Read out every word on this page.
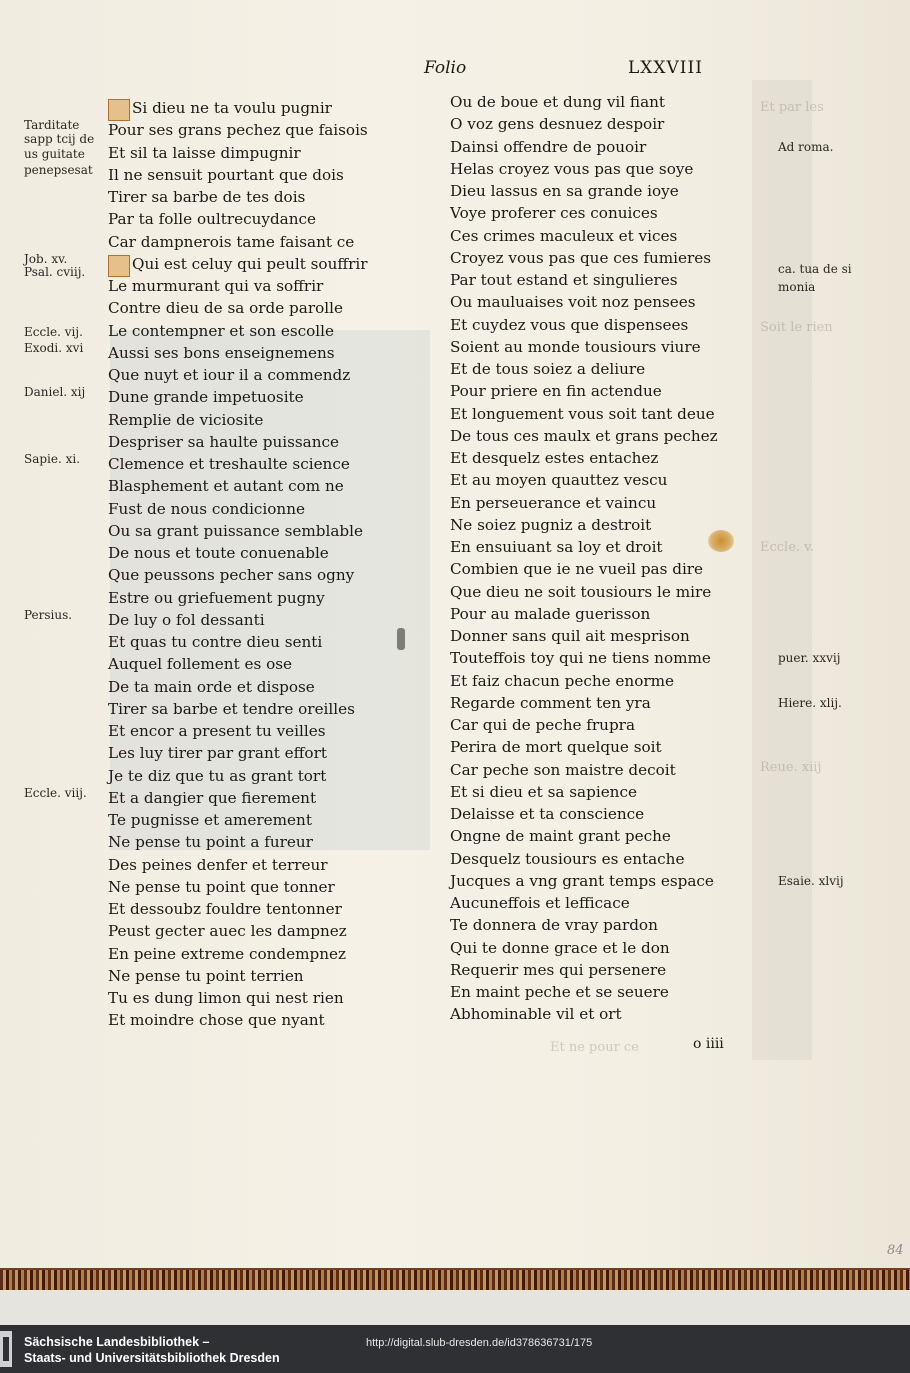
Et par les
Soit le rien
Eccle. v.
Reue. xiij
Et ne pour ce
Folio	LXXVIII
Tarditate
sapp tcij de
us guitate
penepsesat
Job. xv.
Psal. cviij.
Eccle. vij.
Exodi. xvi
Daniel. xij
Sapie. xi.
Persius.
Eccle. viij.
Si dieu ne ta voulu pugnir
Pour ses grans pechez que faisois
Et sil ta laisse dimpugnir
Il ne sensuit pourtant que dois
Tirer sa barbe de tes dois
Par ta folle oultrecuydance
Car dampnerois tame faisant ce
Qui est celuy qui peult souffrir
Le murmurant qui va soffrir
Contre dieu de sa orde parolle
Le contempner et son escolle
Aussi ses bons enseignemens
Que nuyt et iour il a commendz
Dune grande impetuosite
Remplie de viciosite
Despriser sa haulte puissance
Clemence et treshaulte science
Blasphement et autant com ne
Fust de nous condicionne
Ou sa grant puissance semblable
De nous et toute conuenable
Que peussons pecher sans ogny
Estre ou griefuement pugny
De luy o fol dessanti
Et quas tu contre dieu senti
Auquel follement es ose
De ta main orde et dispose
Tirer sa barbe et tendre oreilles
Et encor a present tu veilles
Les luy tirer par grant effort
Je te diz que tu as grant tort
Et a dangier que fierement
Te pugnisse et amerement
Ne pense tu point a fureur
Des peines denfer et terreur
Ne pense tu point que tonner
Et dessoubz fouldre tentonner
Peust gecter auec les dampnez
En peine extreme condempnez
Ne pense tu point terrien
Tu es dung limon qui nest rien
Et moindre chose que nyant
Ou de boue et dung vil fiant
O voz gens desnuez despoir
Dainsi offendre de pouoir
Helas croyez vous pas que soye
Dieu lassus en sa grande ioye
Voye proferer ces conuices
Ces crimes maculeux et vices
Croyez vous pas que ces fumieres
Par tout estand et singulieres
Ou mauluaises voit noz pensees
Et cuydez vous que dispensees
Soient au monde tousiours viure
Et de tous soiez a deliure
Pour priere en fin actendue
Et longuement vous soit tant deue
De tous ces maulx et grans pechez
Et desquelz estes entachez
Et au moyen quauttez vescu
En perseuerance et vaincu
Ne soiez pugniz a destroit
En ensuiuant sa loy et droit
Combien que ie ne vueil pas dire
Que dieu ne soit tousiours le mire
Pour au malade guerisson
Donner sans quil ait mesprison
Touteffois toy qui ne tiens nomme
Et faiz chacun peche enorme
Regarde comment ten yra
Car qui de peche frupra
Perira de mort quelque soit
Car peche son maistre decoit
Et si dieu et sa sapience
Delaisse et ta conscience
Ongne de maint grant peche
Desquelz tousiours es entache
Jucques a vng grant temps espace
Aucuneffois et lefficace
Te donnera de vray pardon
Qui te donne grace et le don
Requerir mes qui persenere
En maint peche et se seuere
Abhominable vil et ort
Ad roma.
ca. tua de si
monia
puer. xxvij
Hiere. xlij.
Esaie. xlvij
o iiii
84
Sächsische Landesbibliothek –
Staats- und Universitätsbibliothek Dresden
http://digital.slub-dresden.de/id378636731/175
